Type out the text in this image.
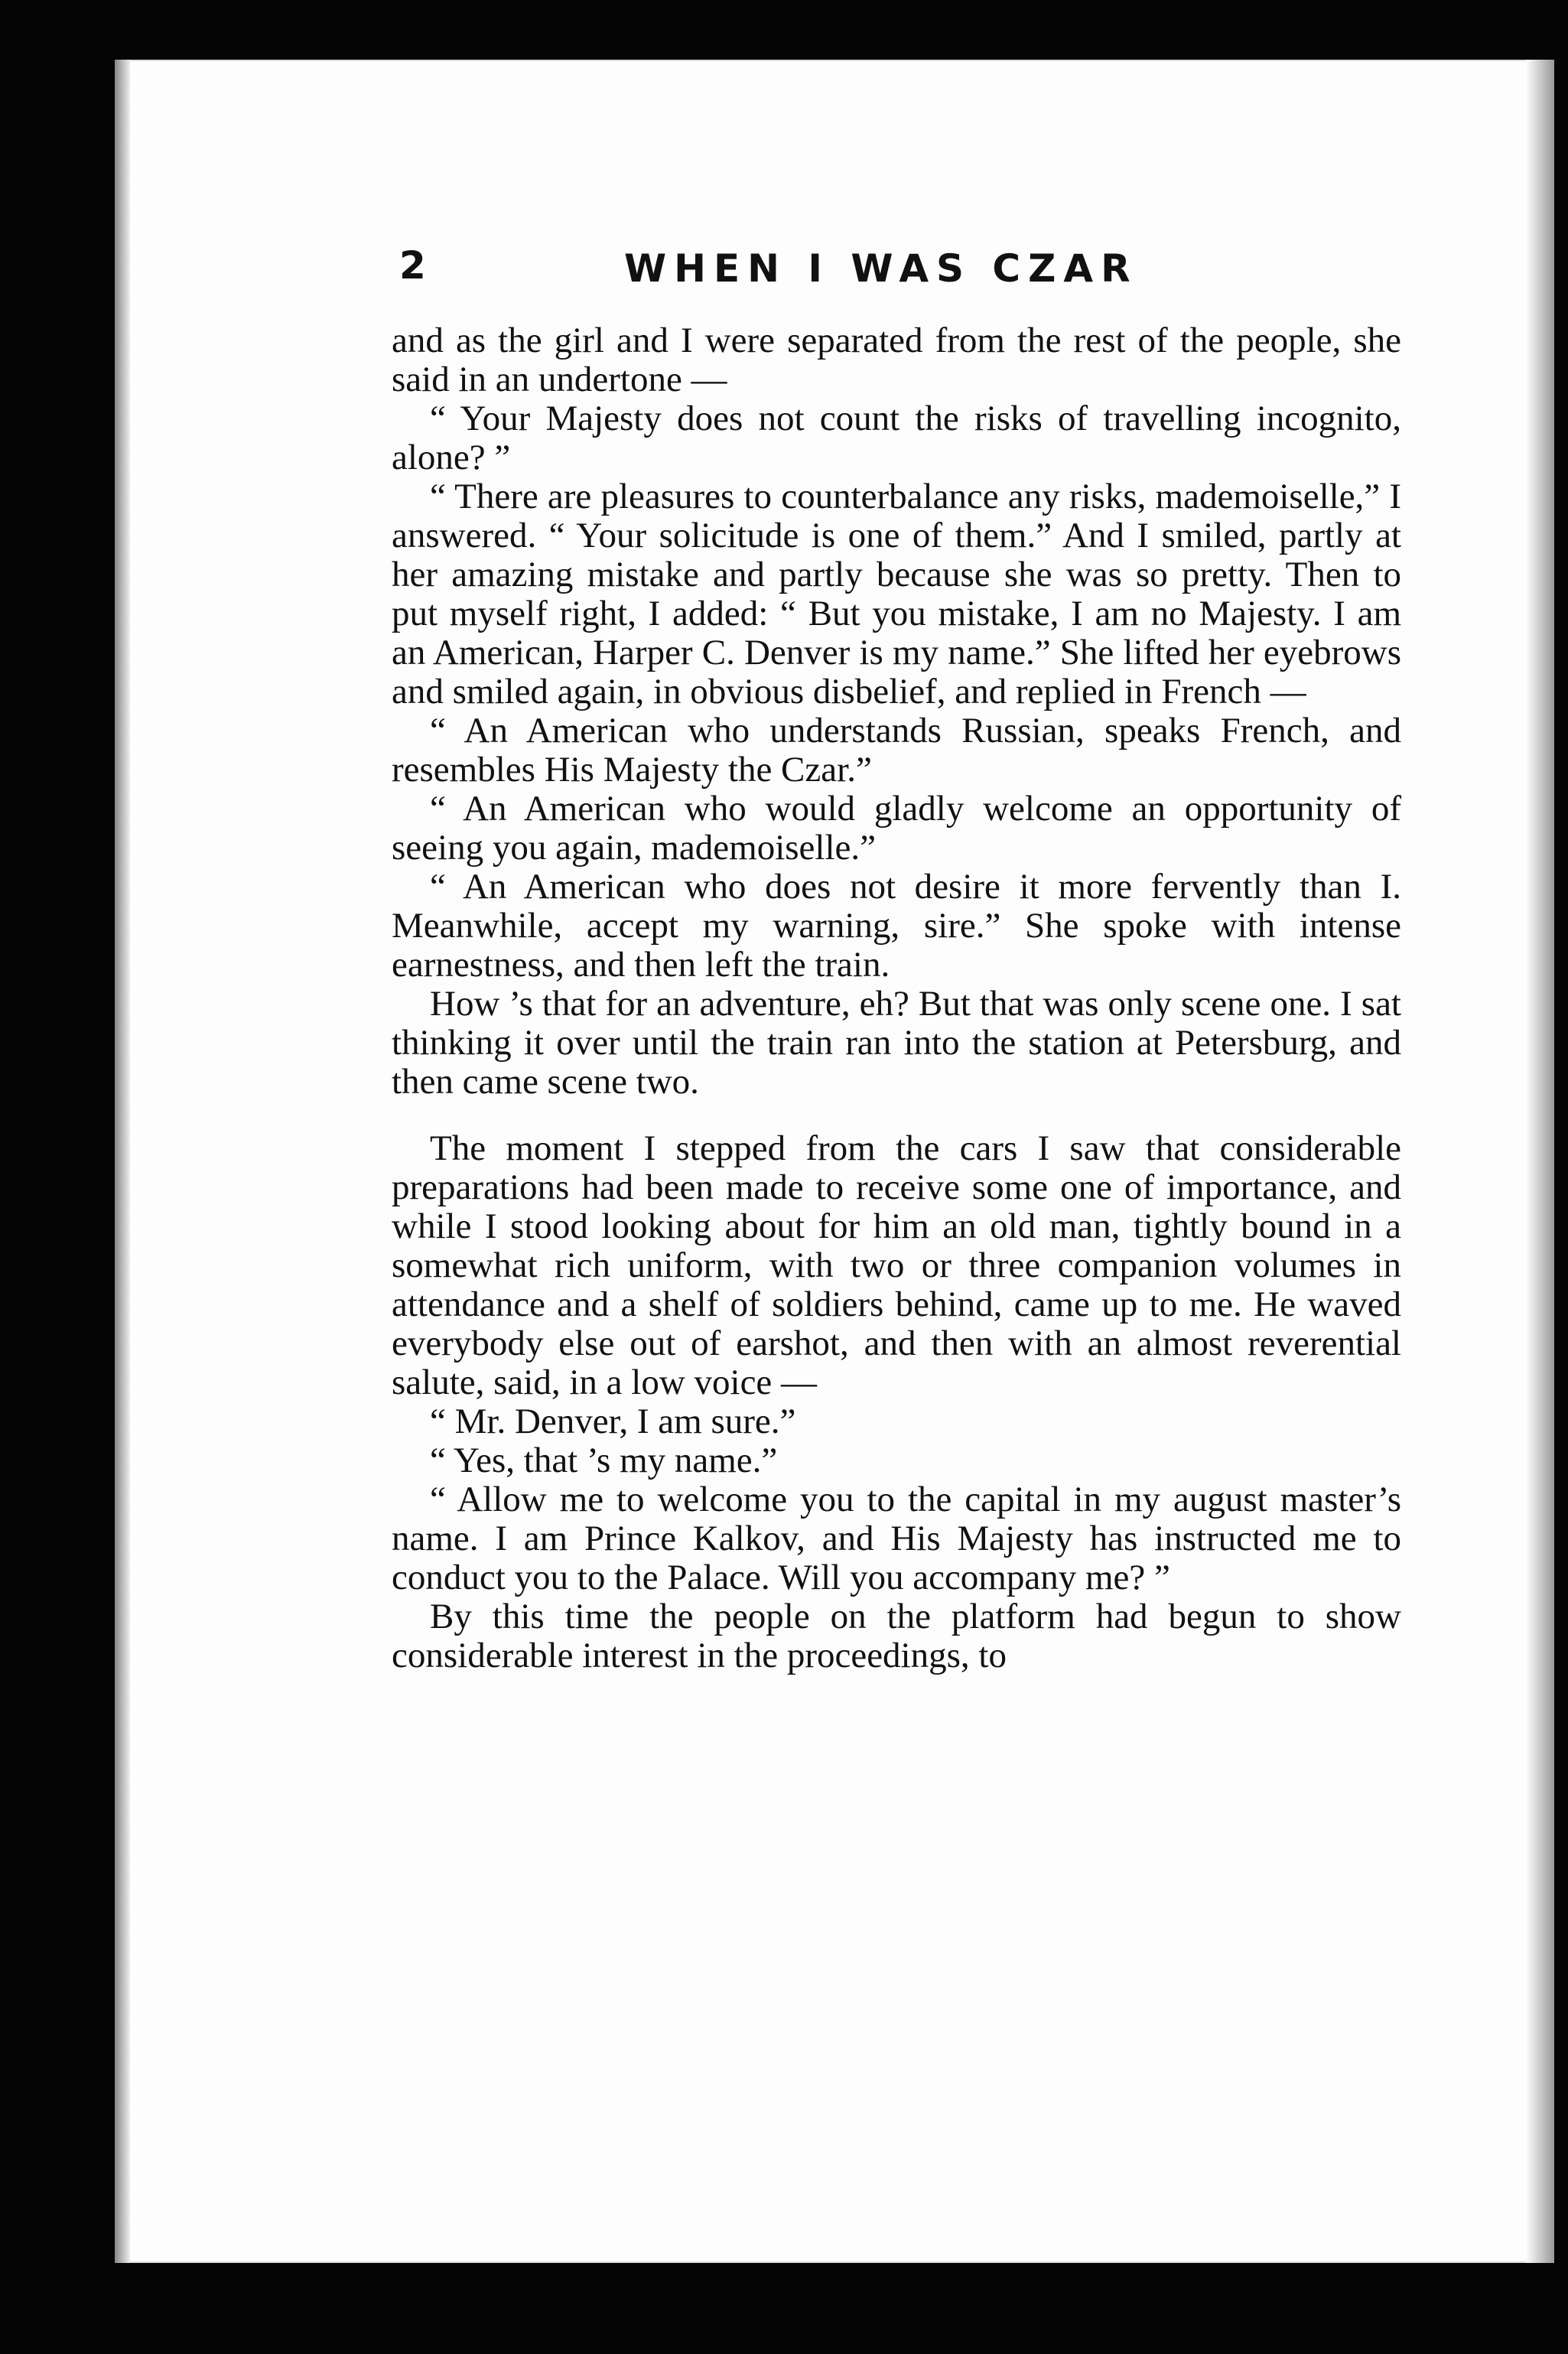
2	WHEN I WAS CZAR

and as the girl and I were separated from the rest of the people, she said in an undertone —

“ Your Majesty does not count the risks of travelling incognito, alone? ”

“ There are pleasures to counterbalance any risks, mademoiselle,” I answered. “ Your solicitude is one of them.” And I smiled, partly at her amazing mistake and partly because she was so pretty. Then to put myself right, I added: “ But you mistake, I am no Majesty. I am an American, Harper C. Denver is my name.” She lifted her eyebrows and smiled again, in obvious disbelief, and replied in French —

“ An American who understands Russian, speaks French, and resembles His Majesty the Czar.”

“ An American who would gladly welcome an opportunity of seeing you again, mademoiselle.”

“ An American who does not desire it more fervently than I. Meanwhile, accept my warning, sire.” She spoke with intense earnestness, and then left the train.

How ’s that for an adventure, eh? But that was only scene one. I sat thinking it over until the train ran into the station at Petersburg, and then came scene two.

The moment I stepped from the cars I saw that considerable preparations had been made to receive some one of importance, and while I stood looking about for him an old man, tightly bound in a somewhat rich uniform, with two or three companion volumes in attendance and a shelf of soldiers behind, came up to me. He waved everybody else out of earshot, and then with an almost reverential salute, said, in a low voice —

“ Mr. Denver, I am sure.”

“ Yes, that ’s my name.”

“ Allow me to welcome you to the capital in my august master’s name. I am Prince Kalkov, and His Majesty has instructed me to conduct you to the Palace. Will you accompany me? ”

By this time the people on the platform had begun to show considerable interest in the proceedings, to
